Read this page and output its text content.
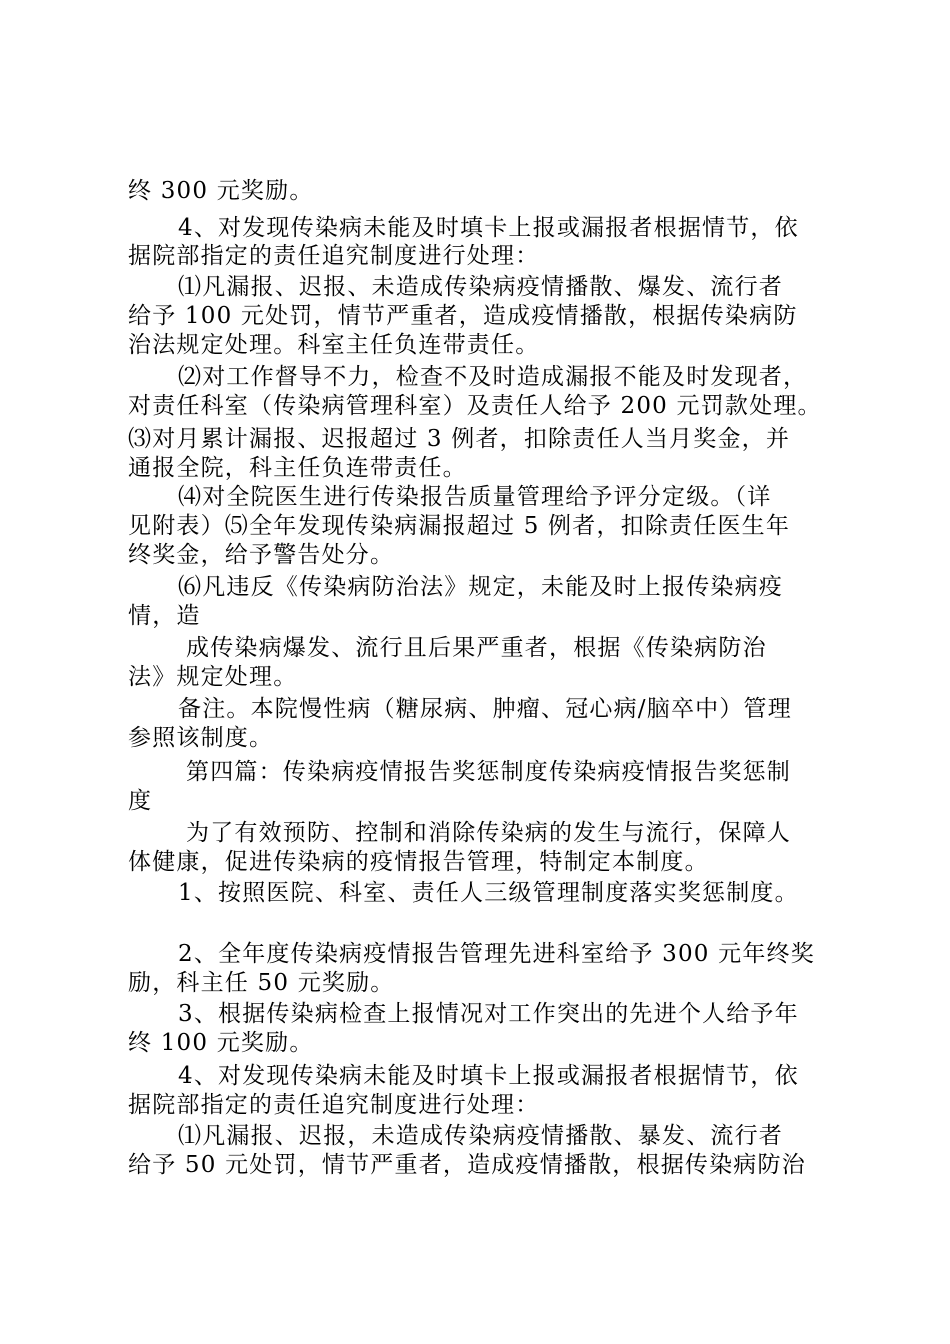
终 300 元奖励。
4、对发现传染病未能及时填卡上报或漏报者根据情节，依
据院部指定的责任追究制度进行处理：
⑴凡漏报、迟报、未造成传染病疫情播散、爆发、流行者
给予 100 元处罚，情节严重者，造成疫情播散，根据传染病防
治法规定处理。科室主任负连带责任。
⑵对工作督导不力，检查不及时造成漏报不能及时发现者，
对责任科室（传染病管理科室）及责任人给予 200 元罚款处理。
⑶对月累计漏报、迟报超过 3 例者，扣除责任人当月奖金，并
通报全院，科主任负连带责任。
⑷对全院医生进行传染报告质量管理给予评分定级。（详
见附表）⑸全年发现传染病漏报超过 5 例者，扣除责任医生年
终奖金，给予警告处分。
⑹凡违反《传染病防治法》规定，未能及时上报传染病疫
情，造
成传染病爆发、流行且后果严重者，根据《传染病防治
法》规定处理。
备注。本院慢性病（糖尿病、肿瘤、冠心病/脑卒中）管理
参照该制度。
第四篇：传染病疫情报告奖惩制度传染病疫情报告奖惩制
度
为了有效预防、控制和消除传染病的发生与流行，保障人
体健康，促进传染病的疫情报告管理，特制定本制度。
1、按照医院、科室、责任人三级管理制度落实奖惩制度。
2、全年度传染病疫情报告管理先进科室给予 300 元年终奖
励，科主任 50 元奖励。
3、根据传染病检查上报情况对工作突出的先进个人给予年
终 100 元奖励。
4、对发现传染病未能及时填卡上报或漏报者根据情节，依
据院部指定的责任追究制度进行处理：
⑴凡漏报、迟报，未造成传染病疫情播散、暴发、流行者
给予 50 元处罚，情节严重者，造成疫情播散，根据传染病防治
